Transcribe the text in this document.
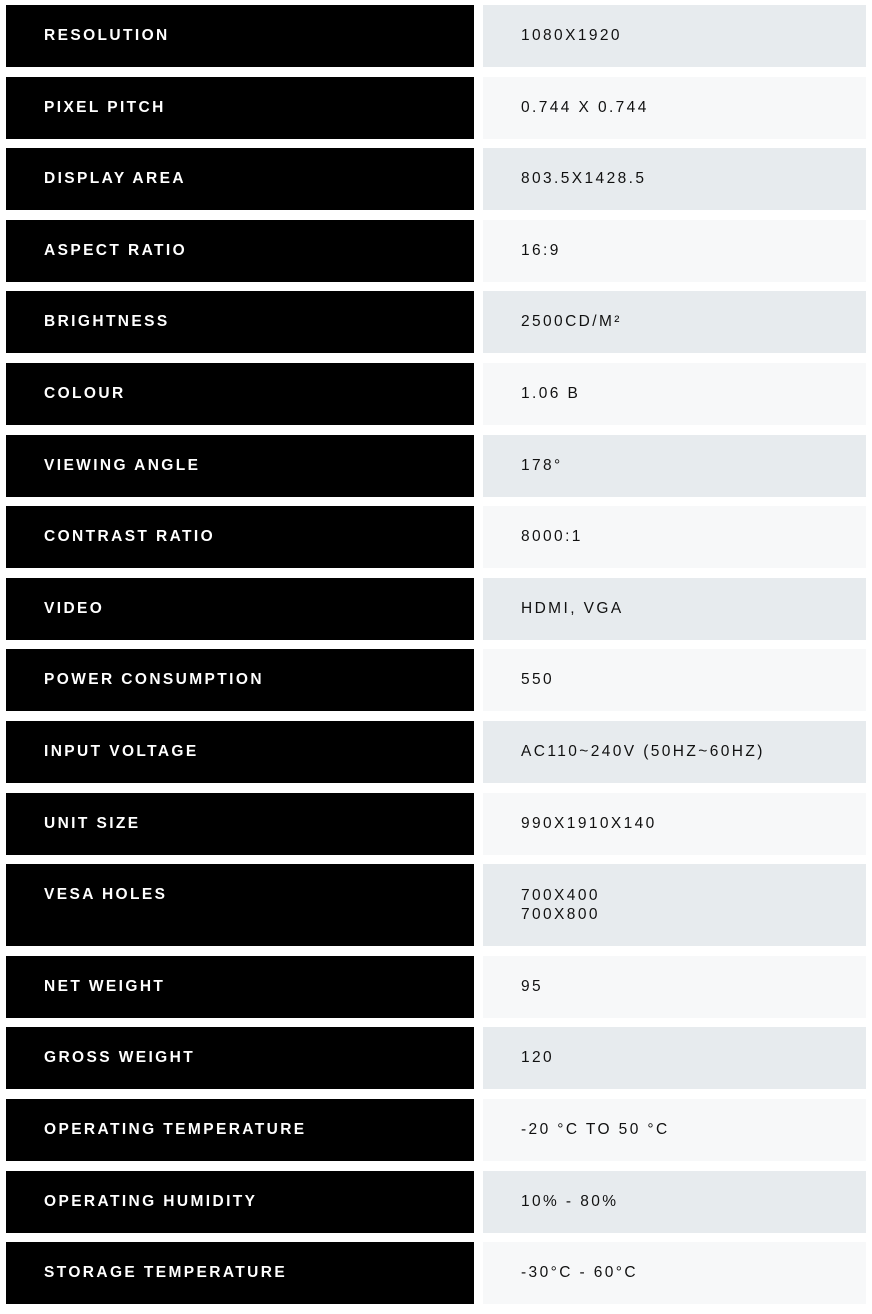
RESOLUTION	1080X1920
PIXEL PITCH	0.744 X 0.744
DISPLAY AREA	803.5X1428.5
ASPECT RATIO	16:9
BRIGHTNESS	2500CD/M²
COLOUR	1.06 B
VIEWING ANGLE	178°
CONTRAST RATIO	8000:1
VIDEO	HDMI, VGA
POWER CONSUMPTION	550
INPUT VOLTAGE	AC110~240V (50HZ~60HZ)
UNIT SIZE	990X1910X140
VESA HOLES	700X400
700X800
NET WEIGHT	95
GROSS WEIGHT	120
OPERATING TEMPERATURE	-20 °C TO 50 °C
OPERATING HUMIDITY	10% - 80%
STORAGE TEMPERATURE	-30°C - 60°C
